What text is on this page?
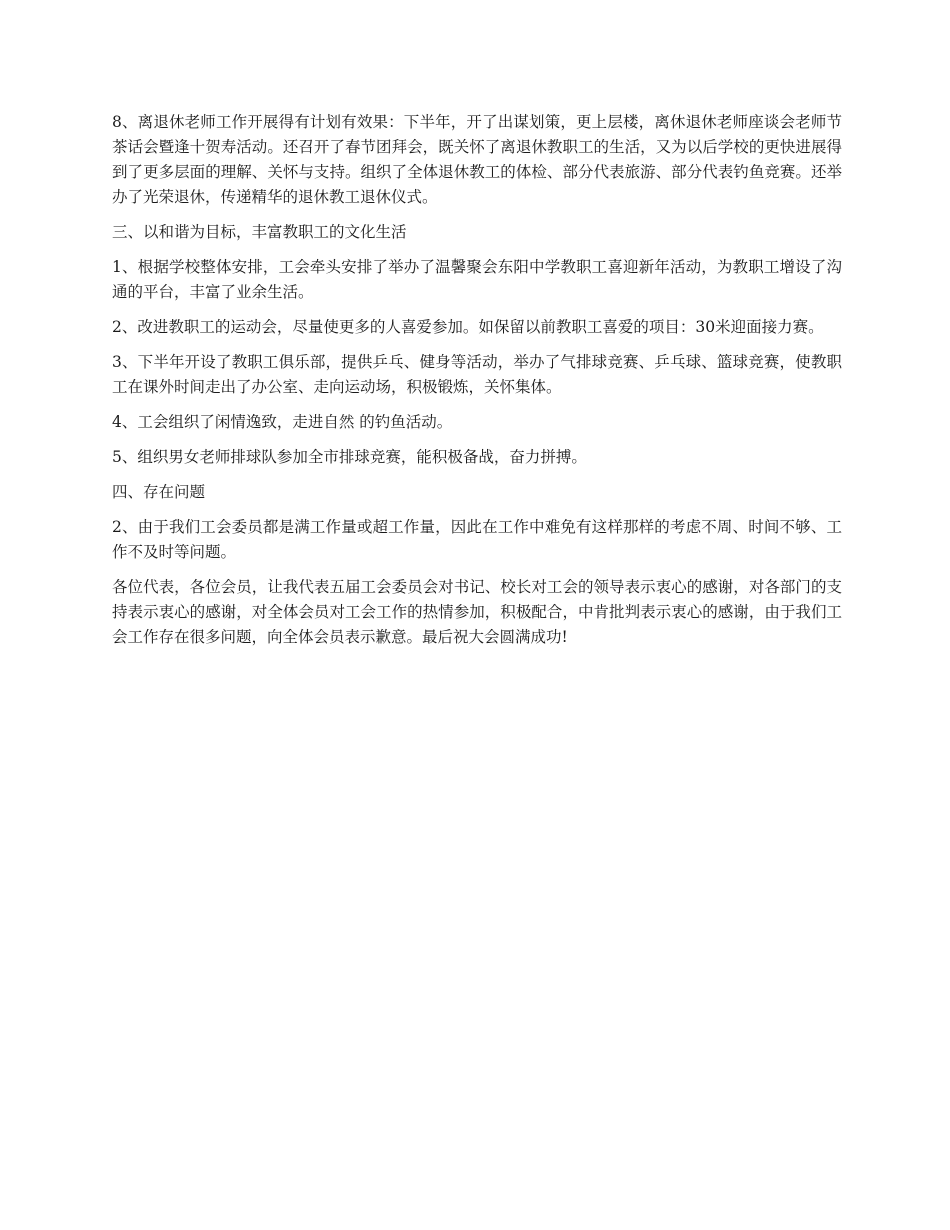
8、离退休老师工作开展得有计划有效果：下半年，开了出谋划策，更上层楼，离休退休老师座谈会老师节茶话会暨逢十贺寿活动。还召开了春节团拜会，既关怀了离退休教职工的生活，又为以后学校的更快进展得到了更多层面的理解、关怀与支持。组织了全体退休教工的体检、部分代表旅游、部分代表钓鱼竞赛。还举办了光荣退休，传递精华的退休教工退休仪式。

三、以和谐为目标，丰富教职工的文化生活

1、根据学校整体安排，工会牵头安排了举办了温馨聚会东阳中学教职工喜迎新年活动，为教职工增设了沟通的平台，丰富了业余生活。

2、改进教职工的运动会，尽量使更多的人喜爱参加。如保留以前教职工喜爱的项目：30米迎面接力赛。

3、下半年开设了教职工俱乐部，提供乒乓、健身等活动，举办了气排球竞赛、乒乓球、篮球竞赛，使教职工在课外时间走出了办公室、走向运动场，积极锻炼，关怀集体。

4、工会组织了闲情逸致，走进自然 的钓鱼活动。

5、组织男女老师排球队参加全市排球竞赛，能积极备战，奋力拼搏。

四、存在问题

2、由于我们工会委员都是满工作量或超工作量，因此在工作中难免有这样那样的考虑不周、时间不够、工作不及时等问题。

各位代表，各位会员，让我代表五届工会委员会对书记、校长对工会的领导表示衷心的感谢，对各部门的支持表示衷心的感谢，对全体会员对工会工作的热情参加，积极配合，中肯批判表示衷心的感谢，由于我们工会工作存在很多问题，向全体会员表示歉意。最后祝大会圆满成功!
